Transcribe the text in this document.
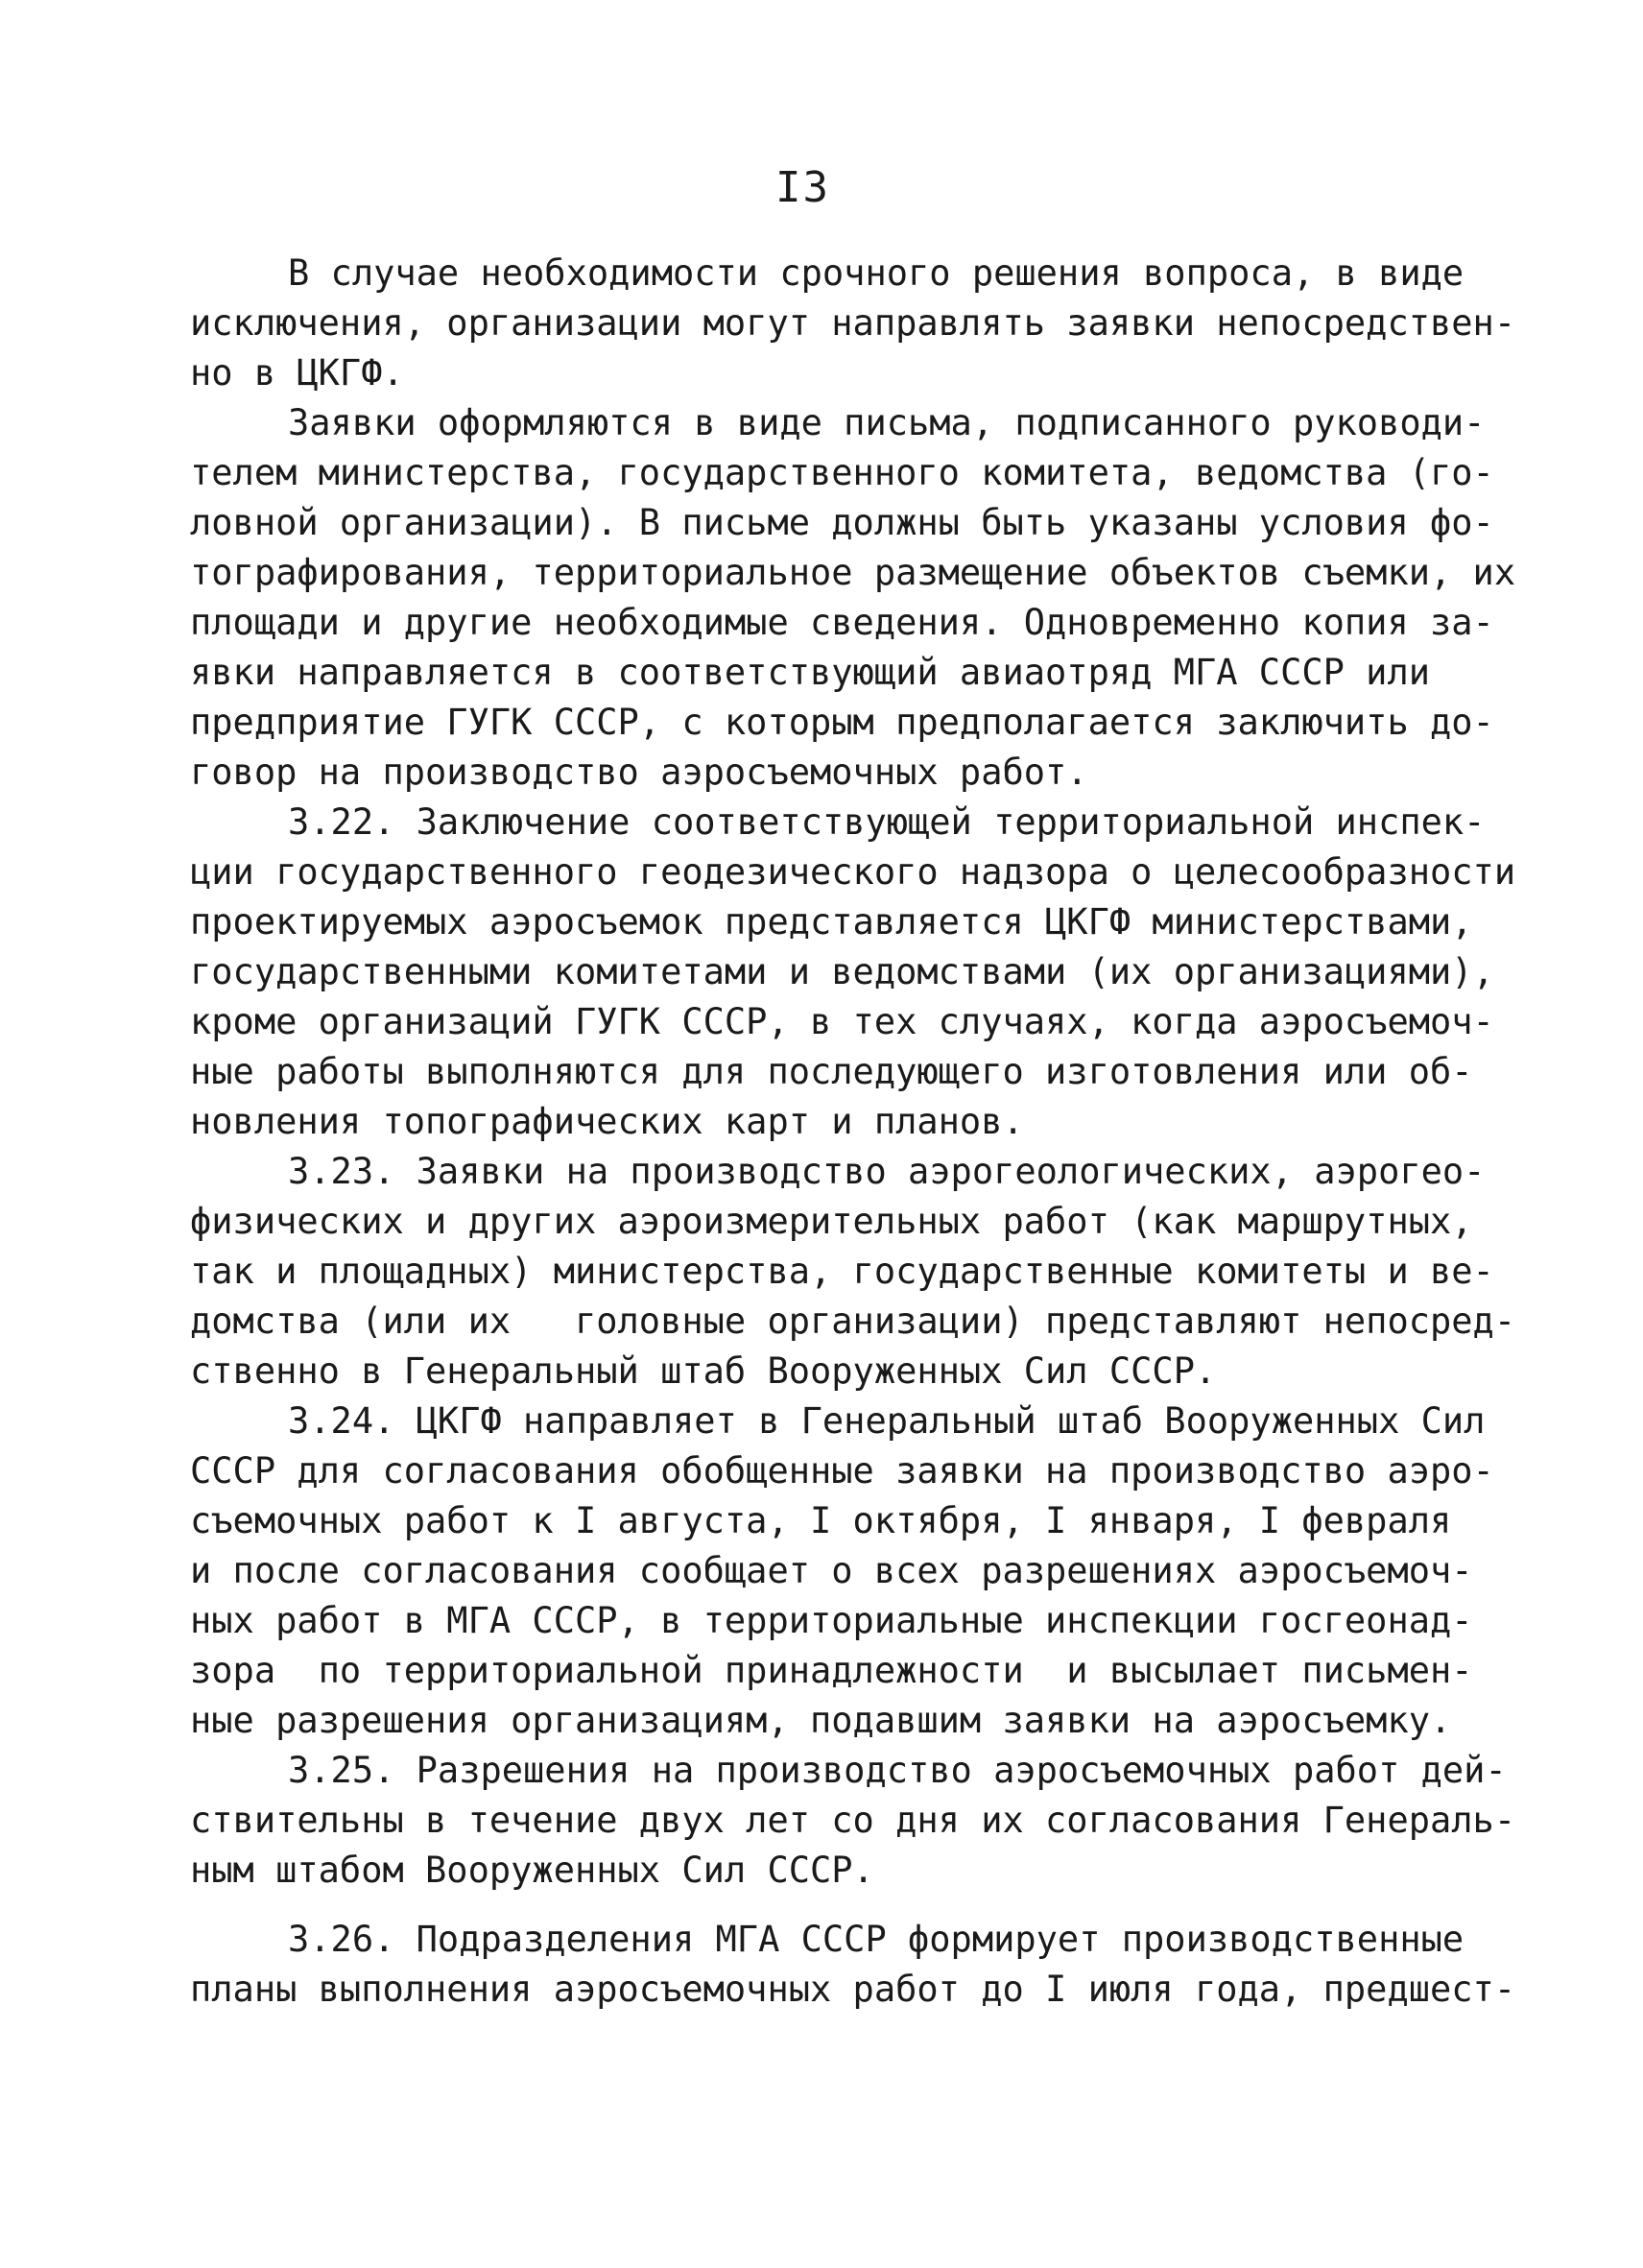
I3
В случае необходимости срочного решения вопроса, в виде
исключения, организации могут направлять заявки непосредствен-
но в ЦКГФ.
Заявки оформляются в виде письма, подписанного руководи-
телем министерства, государственного комитета, ведомства (го-
ловной организации). В письме должны быть указаны условия фо-
тографирования, территориальное размещение объектов съемки, их
площади и другие необходимые сведения. Одновременно копия за-
явки направляется в соответствующий авиаотряд МГА СССР или
предприятие ГУГК СССР, с которым предполагается заключить до-
говор на производство аэросъемочных работ.
3.22. Заключение соответствующей территориальной инспек-
ции государственного геодезического надзора о целесообразности
проектируемых аэросъемок представляется ЦКГФ министерствами,
государственными комитетами и ведомствами (их организациями),
кроме организаций ГУГК СССР, в тех случаях, когда аэросъемоч-
ные работы выполняются для последующего изготовления или об-
новления топографических карт и планов.
3.23. Заявки на производство аэрогеологических, аэрогео-
физических и других аэроизмерительных работ (как маршрутных,
так и площадных) министерства, государственные комитеты и ве-
домства (или их   головные организации) представляют непосред-
ственно в Генеральный штаб Вооруженных Сил СССР.
3.24. ЦКГФ направляет в Генеральный штаб Вооруженных Сил
СССР для согласования обобщенные заявки на производство аэро-
съемочных работ к I августа, I октября, I января, I февраля
и после согласования сообщает о всех разрешениях аэросъемоч-
ных работ в МГА СССР, в территориальные инспекции госгеонад-
зора  по территориальной принадлежности  и высылает письмен-
ные разрешения организациям, подавшим заявки на аэросъемку.
3.25. Разрешения на производство аэросъемочных работ дей-
ствительны в течение двух лет со дня их согласования Генераль-
ным штабом Вооруженных Сил СССР.
3.26. Подразделения МГА СССР формирует производственные
планы выполнения аэросъемочных работ до I июля года, предшест-
